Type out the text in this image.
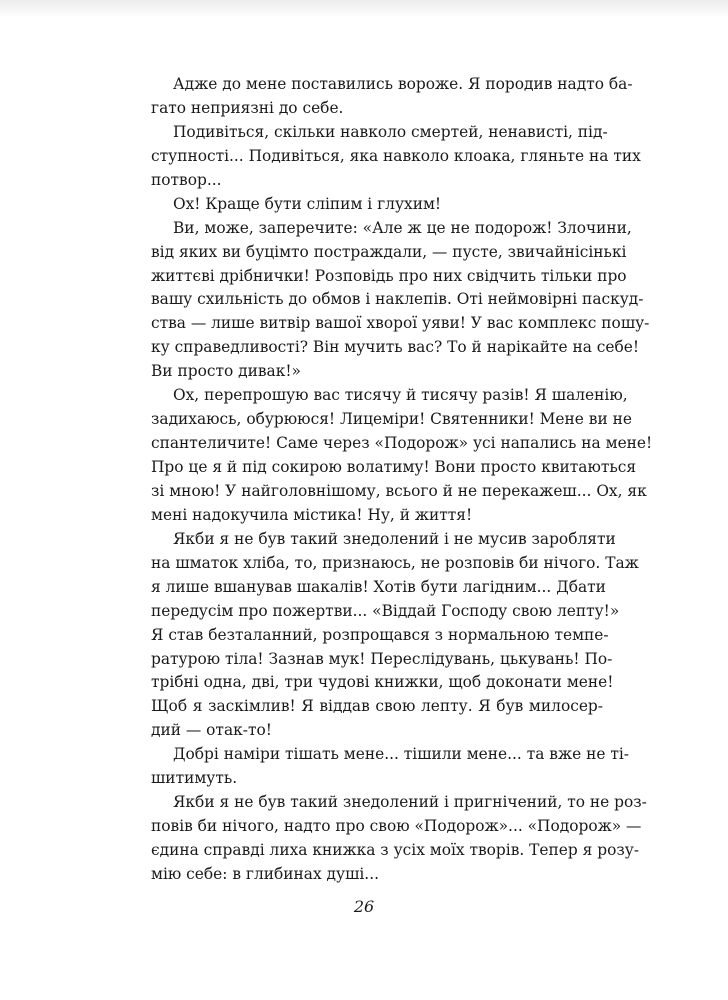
Адже до мене поставились вороже. Я породив надто ба-
гато неприязні до себе.
Подивіться, скільки навколо смертей, ненависті, під-
ступності... Подивіться, яка навколо клоака, гляньте на тих
потвор...
Ох! Краще бути сліпим і глухим!
Ви, може, заперечите: «Але ж це не подорож! Злочини,
від яких ви буцімто постраждали, — пусте, звичайнісінькі
життєві дрібнички! Розповідь про них свідчить тільки про
вашу схильність до обмов і наклепів. Оті неймовірні паскуд-
ства — лише витвір вашої хворої уяви! У вас комплекс пошу-
ку справедливості? Він мучить вас? То й нарікайте на себе!
Ви просто дивак!»
Ох, перепрошую вас тисячу й тисячу разів! Я шаленію,
задихаюсь, обурююся! Лицеміри! Святенники! Мене ви не
спантеличите! Саме через «Подорож» усі напались на мене!
Про це я й під сокирою волатиму! Вони просто квитаються
зі мною! У найголовнішому, всього й не перекажеш... Ох, як
мені надокучила містика! Ну, й життя!
Якби я не був такий знедолений і не мусив заробляти
на шматок хліба, то, признаюсь, не розповів би нічого. Таж
я лише вшанував шакалів! Хотів бути лагідним... Дбати
передусім про пожертви... «Віддай Господу свою лепту!»
Я став безталанний, розпрощався з нормальною темпе-
ратурою тіла! Зазнав мук! Переслідувань, цькувань! По-
трібні одна, дві, три чудові книжки, щоб доконати мене!
Щоб я заскімлив! Я віддав свою лепту. Я був милосер-
дий — отак-то!
Добрі наміри тішать мене... тішили мене... та вже не ті-
шитимуть.
Якби я не був такий знедолений і пригнічений, то не роз-
повів би нічого, надто про свою «Подорож»... «Подорож» —
єдина справді лиха книжка з усіх моїх творів. Тепер я розу-
мію себе: в глибинах душі...
26
